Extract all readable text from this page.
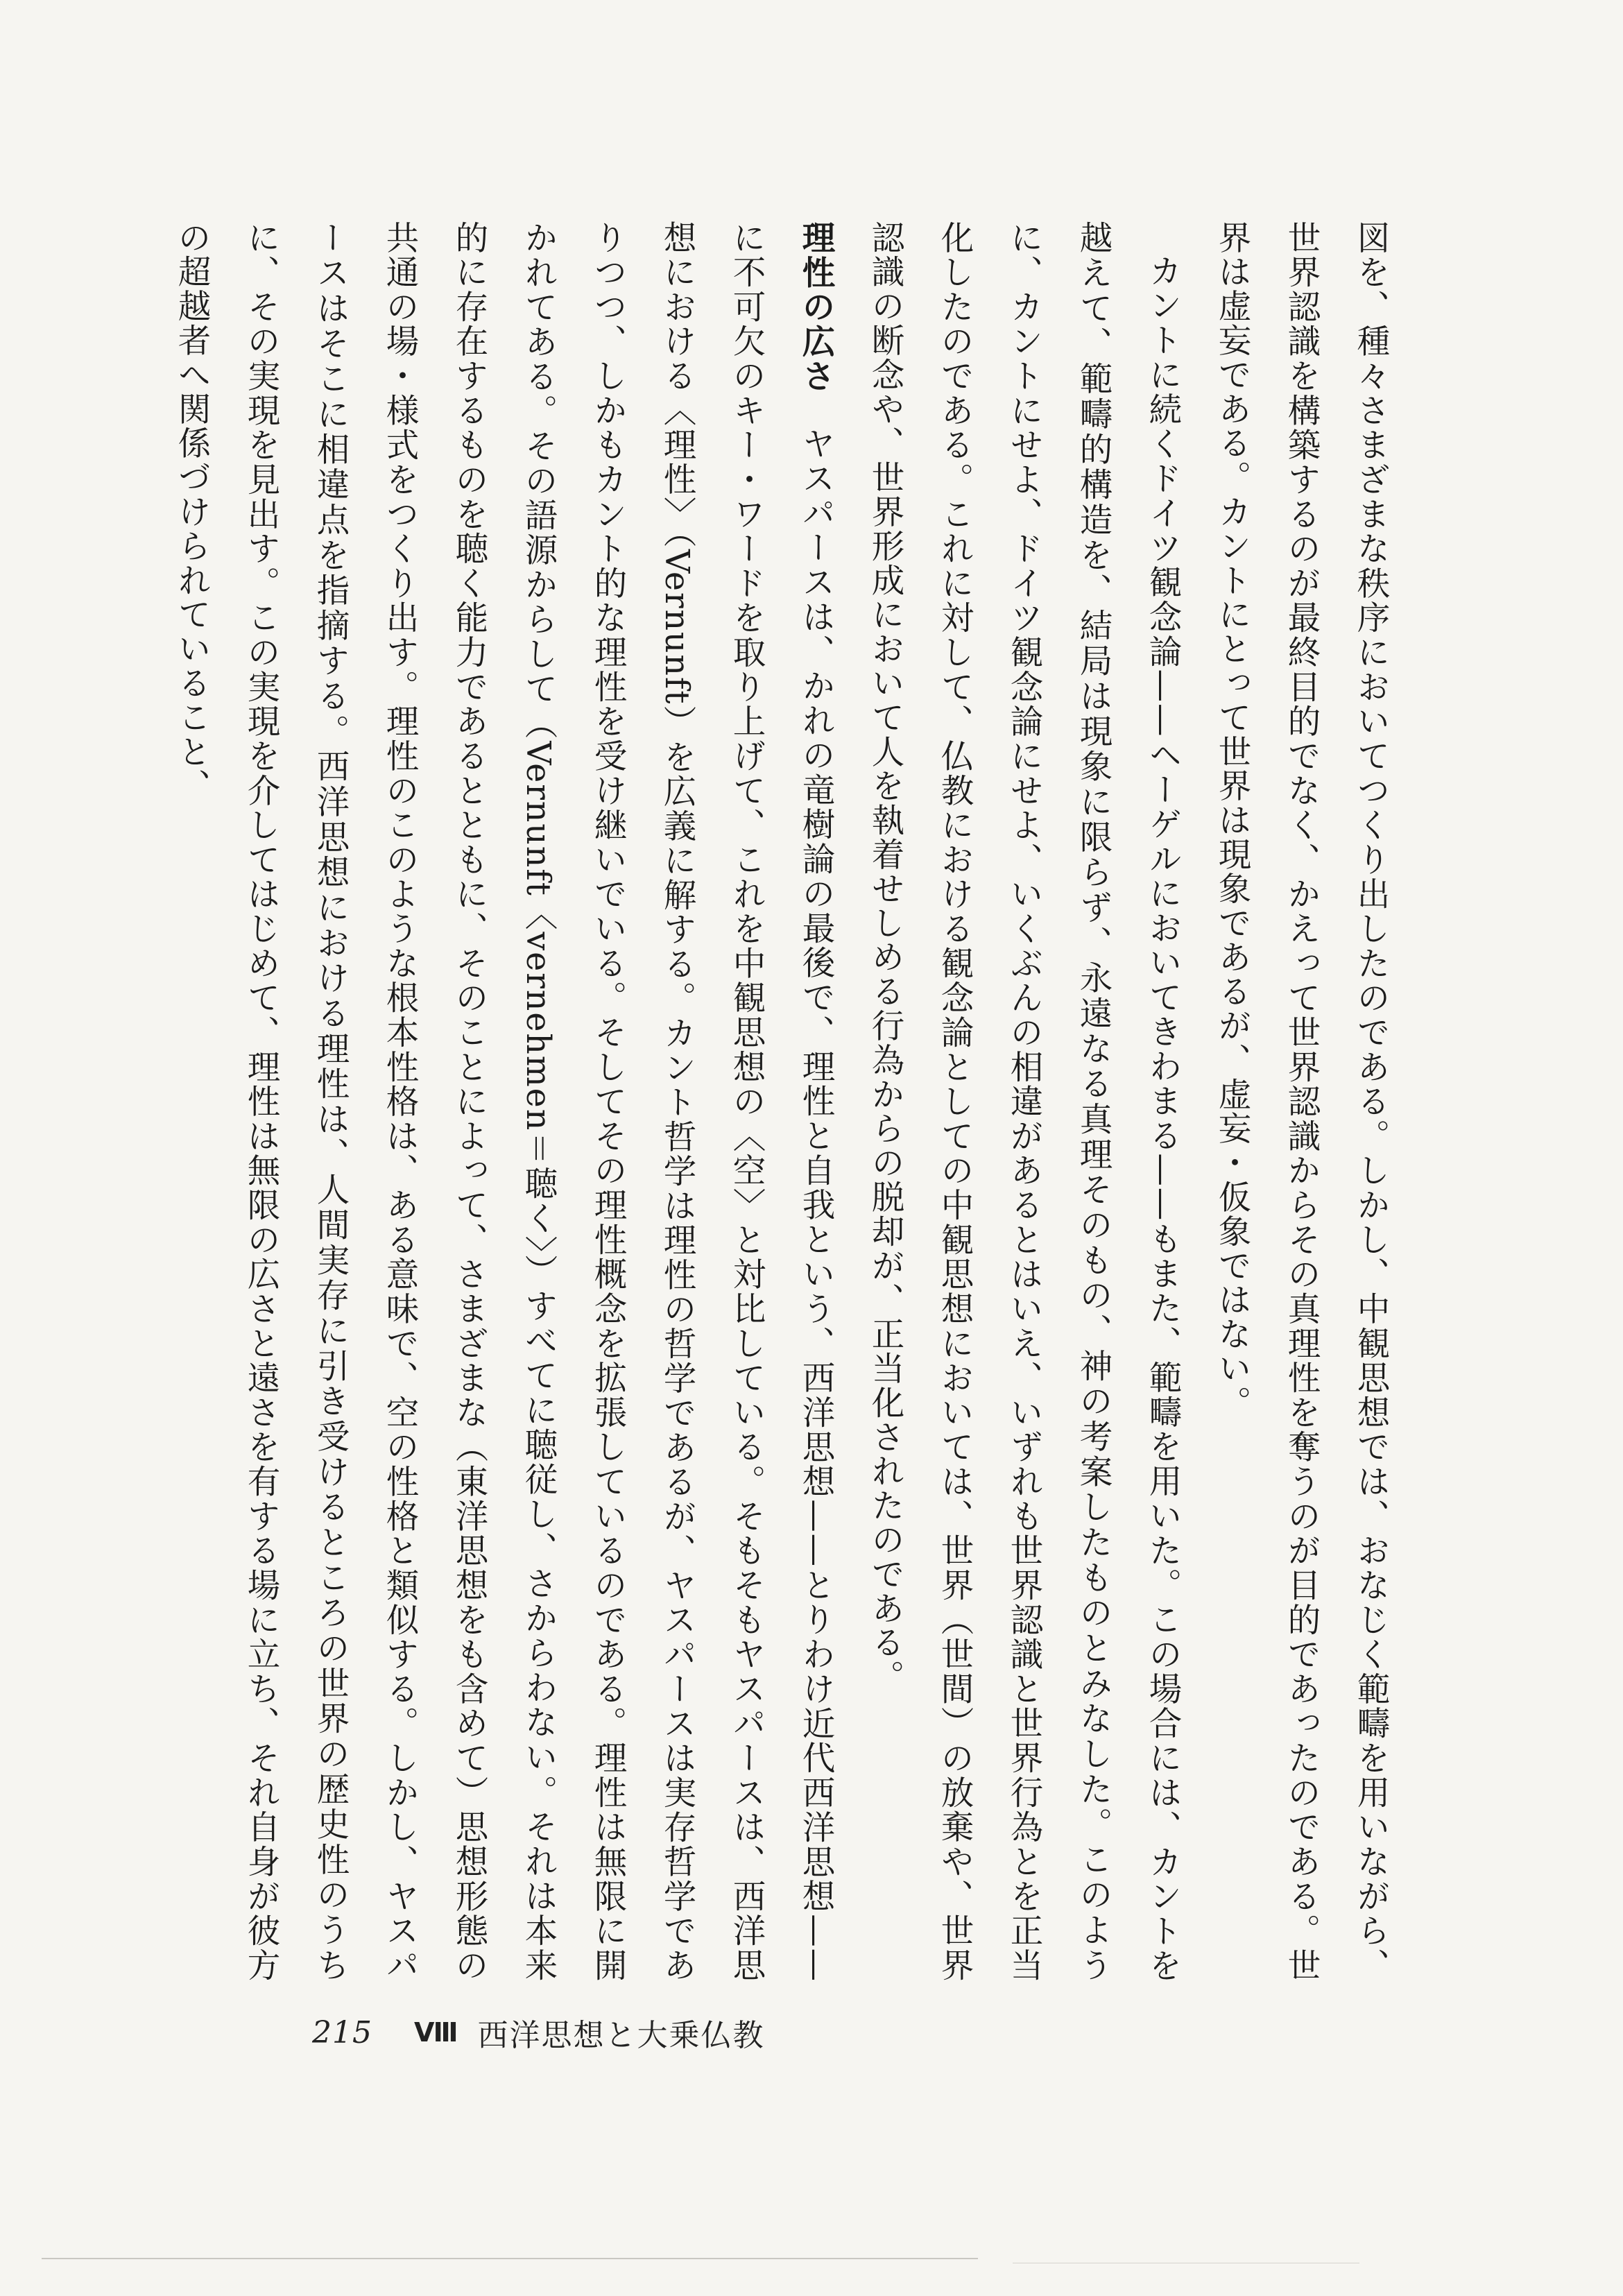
図を、種々さまざまな秩序においてつくり出したのである。しかし、中観思想では、おなじく範疇を用いながら、世界認識を構築するのが最終目的でなく、かえって世界認識からその真理性を奪うのが目的であったのである。世界は虚妄である。カントにとって世界は現象であるが、虚妄・仮象ではない。

カントに続くドイツ観念論——ヘーゲルにおいてきわまる——もまた、範疇を用いた。この場合には、カントを越えて、範疇的構造を、結局は現象に限らず、永遠なる真理そのもの、神の考案したものとみなした。このように、カントにせよ、ドイツ観念論にせよ、いくぶんの相違があるとはいえ、いずれも世界認識と世界行為とを正当化したのである。これに対して、仏教における観念論としての中観思想においては、世界（世間）の放棄や、世界認識の断念や、世界形成において人を執着せしめる行為からの脱却が、正当化されたのである。

理性の広さヤスパースは、かれの竜樹論の最後で、理性と自我という、西洋思想——とりわけ近代西洋思想——に不可欠のキー・ワードを取り上げて、これを中観思想の〈空〉と対比している。そもそもヤスパースは、西洋思想における〈理性〉（Vernunft）を広義に解する。カント哲学は理性の哲学であるが、ヤスパースは実存哲学でありつつ、しかもカント的な理性を受け継いでいる。そしてその理性概念を拡張しているのである。理性は無限に開かれてある。その語源からして（Vernunft〈vernehmen＝聴く〉）すべてに聴従し、さからわない。それは本来的に存在するものを聴く能力であるとともに、そのことによって、さまざまな（東洋思想をも含めて）思想形態の共通の場・様式をつくり出す。理性のこのような根本性格は、ある意味で、空の性格と類似する。しかし、ヤスパースはそこに相違点を指摘する。西洋思想における理性は、人間実存に引き受けるところの世界の歴史性のうちに、その実現を見出す。この実現を介してはじめて、理性は無限の広さと遠さを有する場に立ち、それ自身が彼方の超越者へ関係づけられていること、

215 Ⅷ 西洋思想と大乗仏教
